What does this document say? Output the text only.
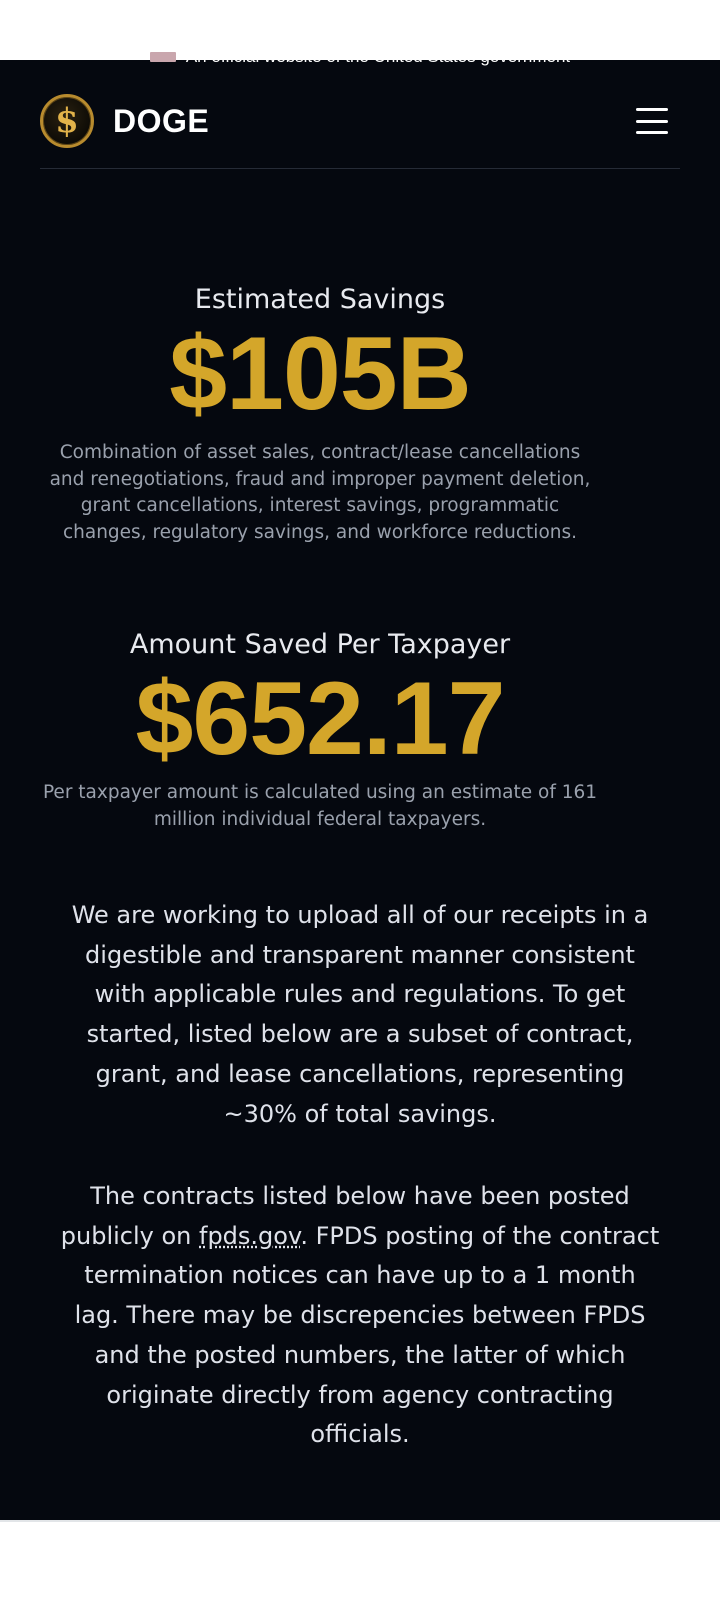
An official website of the United States government
$ DOGE
Estimated Savings
$105B
Combination of asset sales, contract/lease cancellations and renegotiations, fraud and improper payment deletion, grant cancellations, interest savings, programmatic changes, regulatory savings, and workforce reductions.
Amount Saved Per Taxpayer
$652.17
Per taxpayer amount is calculated using an estimate of 161 million individual federal taxpayers.

We are working to upload all of our receipts in a digestible and transparent manner consistent with applicable rules and regulations. To get started, listed below are a subset of contract, grant, and lease cancellations, representing ~30% of total savings.

The contracts listed below have been posted publicly on fpds.gov. FPDS posting of the contract termination notices can have up to a 1 month lag. There may be discrepencies between FPDS and the posted numbers, the latter of which originate directly from agency contracting officials.
